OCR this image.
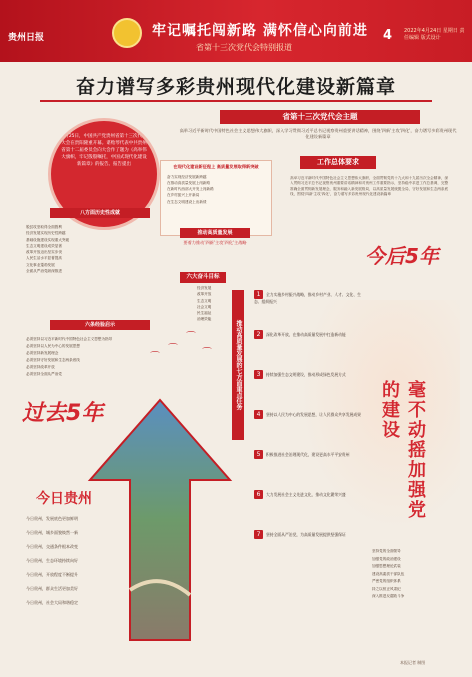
贵州日报	牢记嘱托闯新路 满怀信心向前进
省第十三次党代会特别报道
4 2022年4月24日 星期日 责任编辑 版式设计
奋力谱写多彩贵州现代化建设新篇章
4月25日，中国共产党贵州省第十三次代表大会在贵阳隆重开幕。谌贻琴代表中共贵州省第十二届委员会向大会作了题为《高举伟大旗帜，牢记殷殷嘱托，中国式现代化建设新篇章》的报告。报告提出
省第十三次党代会主题
高举习近平新时代中国特色社会主义思想伟大旗帜，深入学习贯彻习近平总书记视察贵州重要讲话精神，围绕'四新'主攻'四化'，奋力谱写多彩贵州现代化建设新篇章
在现代化建设新征程上 高质量发展取得新突破
奋力实现经济发展新跨越
在推动高质量发展上闯新路
在新时代西部大开发上闯新路
在乡村振兴上开新局
在生态文明建设上出新绩
推动高质量发展
要着力推动'四新'主攻'四化'主战略
六大奋斗目标
经济发展
改革开放
生态文明
社会文明
民生福祉
治理效能
八方面历史性成就
脱贫攻坚取得全面胜利
经济发展实现历史性跨越
基础设施建设实现重大突破
生态文明建设成效显著
改革开放迈出坚实步伐
人民生活水平显著提高
文化事业蓬勃发展
全面从严治党纵深推进
六条经验启示
必须坚持以习近平新时代中国特色社会主义思想为指导
必须坚持以人民为中心的发展思想
必须坚持新发展理念
必须坚持守好发展和生态两条底线
必须坚持改革开放
必须坚持全面从严治党
过去5年
⌒
⌒
⌒
⌒
今日贵州
今日贵州，发展底色更加鲜明
今日贵州，城乡面貌焕然一新
今日贵州，交通条件根本改变
今日贵州，生态环境持续向好
今日贵州，开放程度不断提升
今日贵州，群众生活更加美好
今日贵州，社会大局和谐稳定
工作总体要求
高举习近平新时代中国特色社会主义思想伟大旗帜，全面贯彻党的十九大和十九届历次全会精神，深入贯彻习近平总书记视察贵州重要讲话精神和对贵州工作重要指示，坚持稳中求进工作总基调，完整准确全面贯彻新发展理念，服务和融入新发展格局，以高质量发展统揽全局，守好发展和生态两条底线，围绕'四新'主攻'四化'，奋力谱写多彩贵州现代化建设新篇章
今后5年
推动高质量发展的七方面重点任务
1 全力实施乡村振兴战略，推动乡村产业、人才、文化、生态、组织振兴
2 深化改革开放，在推动高质量发展中打造新动能
3 持续加强生态文明建设，推动形成绿色发展方式
4 坚持以人民为中心的发展思想，让人民群众共享发展成果
5 积极推进社会治理现代化，建设更高水平平安贵州
6 大力发展社会主义先进文化，推动文化繁荣兴盛
7 坚持全面从严治党，为高质量发展提供坚强保证
毫不动摇加强党的建设
坚持党的全面领导
加强党的政治建设
加强思想理论武装
建设高素质干部队伍
严密党的组织体系
持之以恒正风肃纪
深入推进反腐败斗争
本报记者 制图
